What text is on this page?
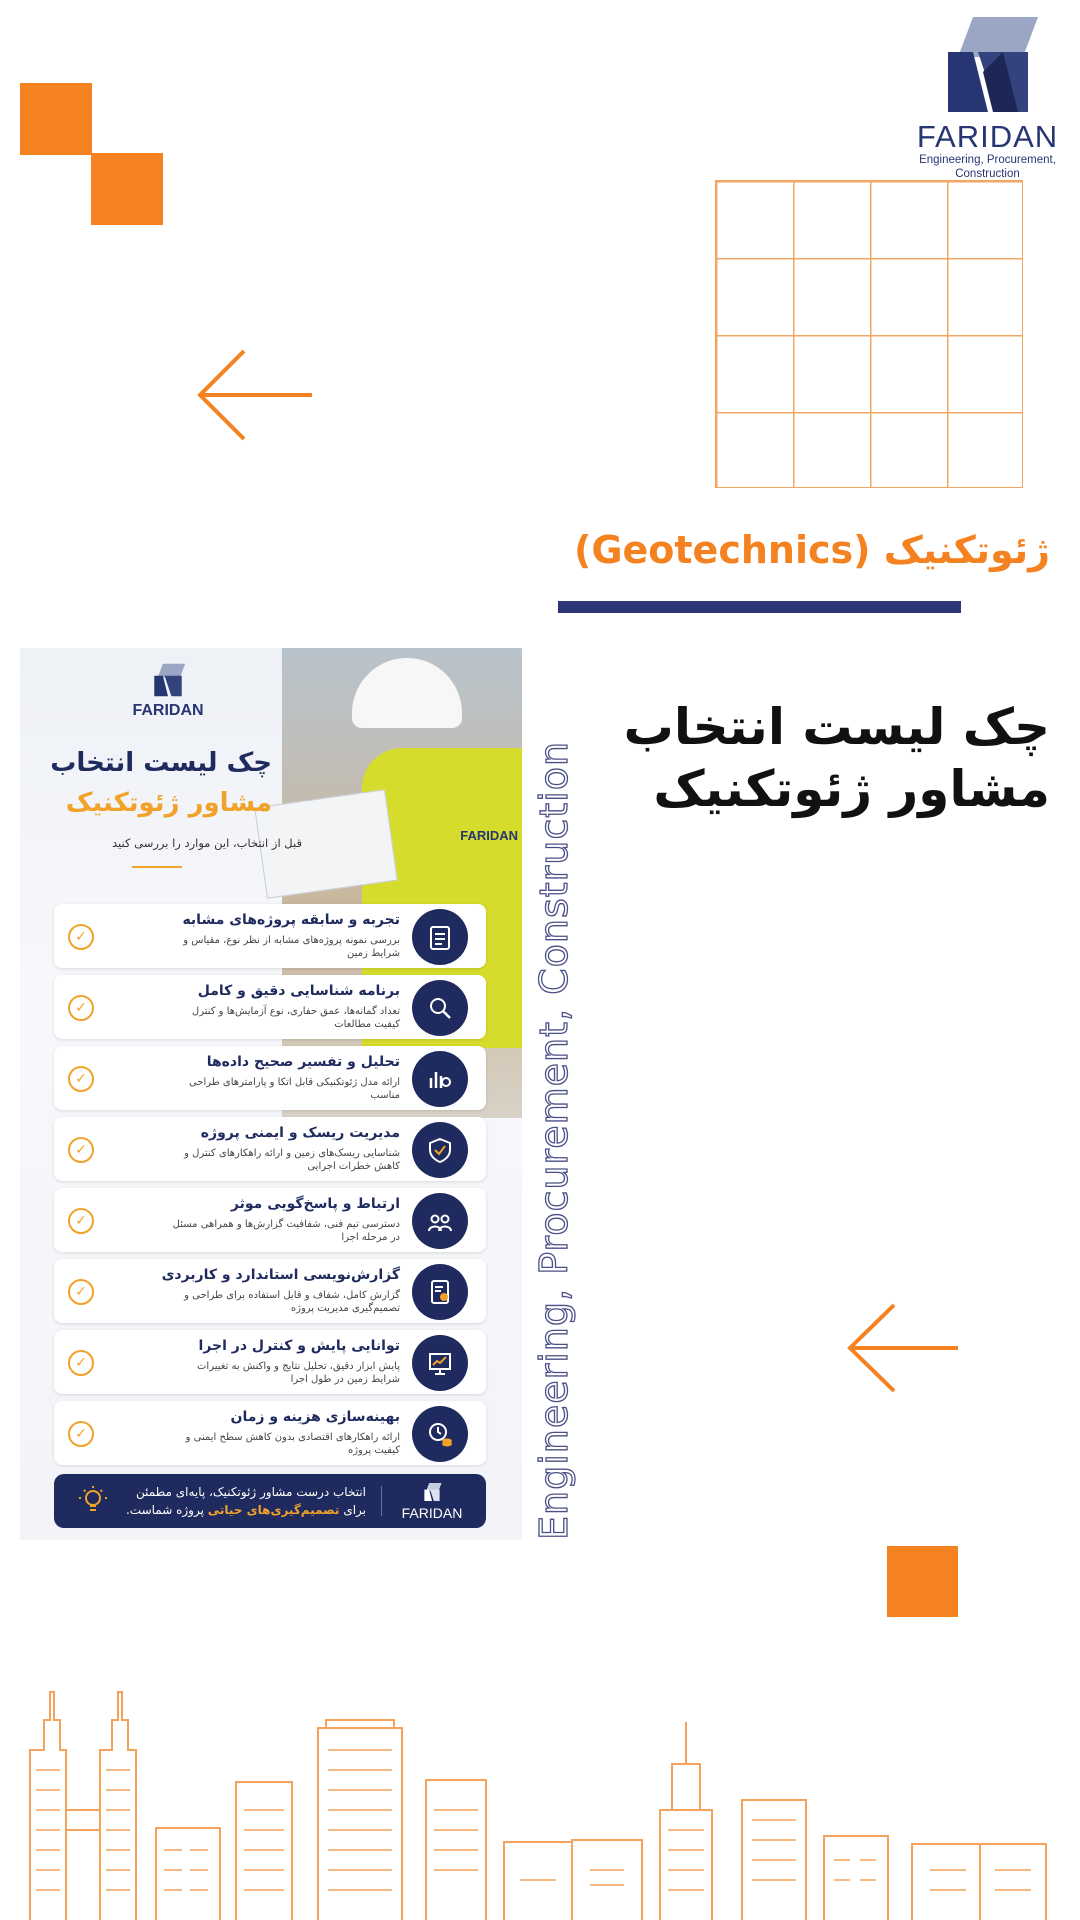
FARIDAN
Engineering, Procurement, Construction
ژئوتکنیک (Geotechnics)
چک لیست انتخاب
مشاور ژئوتکنیک
FARIDAN
FARIDAN
چک لیست انتخاب
مشاور ژئوتکنیک
قبل از انتخاب، این موارد را بررسی کنید
تجربه و سابقه پروژه‌های مشابه
بررسی نمونه پروژه‌های مشابه از نظر نوع، مقیاس و شرایط زمین
✓
برنامه شناسایی دقیق و کامل
تعداد گمانه‌ها، عمق حفاری، نوع آزمایش‌ها و کنترل کیفیت مطالعات
✓
تحلیل و تفسیر صحیح داده‌ها
ارائه مدل ژئوتکنیکی قابل اتکا و پارامترهای طراحی مناسب
✓
مدیریت ریسک و ایمنی پروژه
شناسایی ریسک‌های زمین و ارائه راهکارهای کنترل و کاهش خطرات اجرایی
✓
ارتباط و پاسخ‌گویی موثر
دسترسی تیم فنی، شفافیت گزارش‌ها و همراهی مسئل در مرحله اجرا
✓
گزارش‌نویسی استاندارد و کاربردی
گزارش کامل، شفاف و قابل استفاده برای طراحی و تصمیم‌گیری مدیریت پروژه
✓
توانایی پایش و کنترل در اجرا
پایش ابزار دقیق، تحلیل نتایج و واکنش به تغییرات شرایط زمین در طول اجرا
✓
بهینه‌سازی هزینه و زمان
ارائه راهکارهای اقتصادی بدون کاهش سطح ایمنی و کیفیت پروژه
✓
FARIDAN
انتخاب درست مشاور ژئوتکنیک، پایه‌ای مطمئن
برای تصمیم‌گیری‌های حیاتی پروژه شماست.	Engineering, Procurement, Construction
